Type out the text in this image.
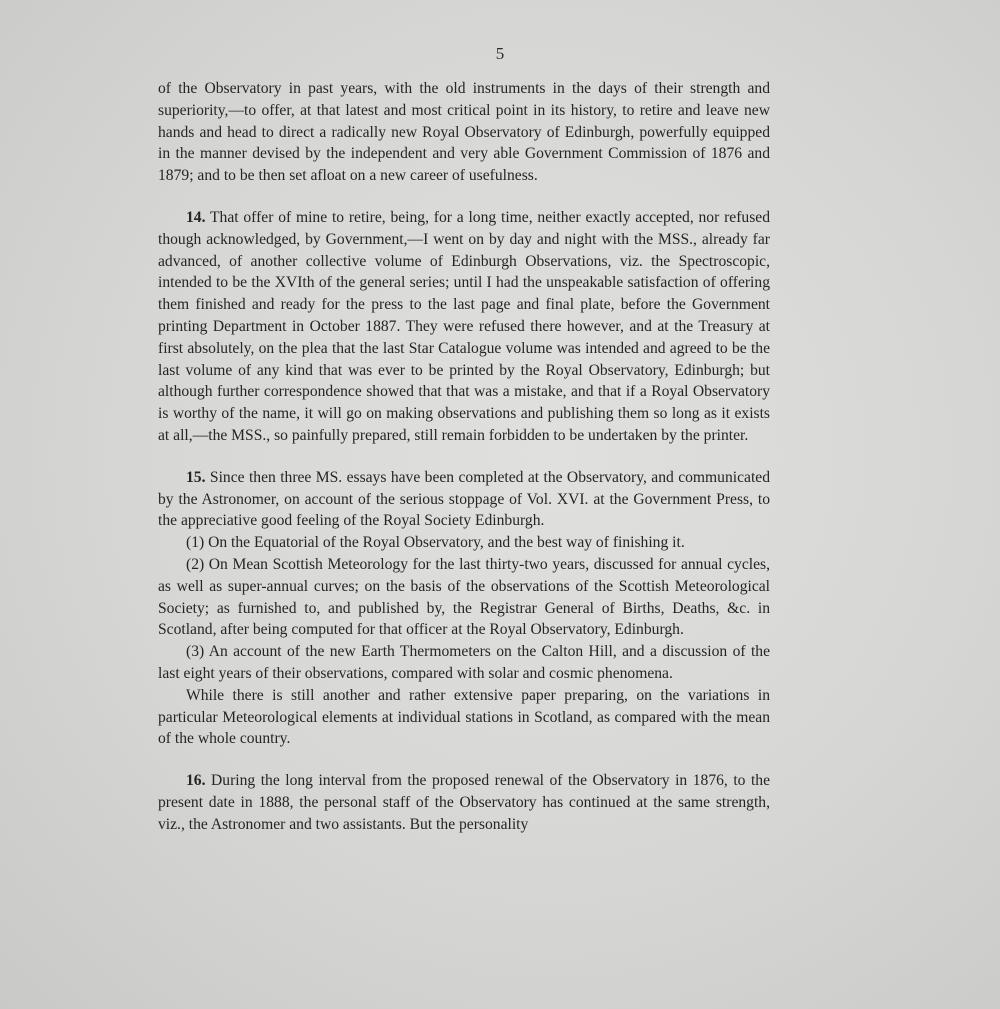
5

of the Observatory in past years, with the old instruments in the days of their strength and superiority,—to offer, at that latest and most critical point in its history, to retire and leave new hands and head to direct a radically new Royal Observatory of Edinburgh, powerfully equipped in the manner devised by the independent and very able Government Commission of 1876 and 1879; and to be then set afloat on a new career of usefulness.

14. That offer of mine to retire, being, for a long time, neither exactly accepted, nor refused though acknowledged, by Government,—I went on by day and night with the MSS., already far advanced, of another collective volume of Edinburgh Observations, viz. the Spectroscopic, intended to be the XVIth of the general series; until I had the unspeakable satisfaction of offering them finished and ready for the press to the last page and final plate, before the Government printing Department in October 1887. They were refused there however, and at the Treasury at first absolutely, on the plea that the last Star Catalogue volume was intended and agreed to be the last volume of any kind that was ever to be printed by the Royal Observatory, Edinburgh; but although further correspondence showed that that was a mistake, and that if a Royal Observatory is worthy of the name, it will go on making observations and publishing them so long as it exists at all,—the MSS., so painfully prepared, still remain forbidden to be undertaken by the printer.

15. Since then three MS. essays have been completed at the Observatory, and communicated by the Astronomer, on account of the serious stoppage of Vol. XVI. at the Government Press, to the appreciative good feeling of the Royal Society Edinburgh.

(1) On the Equatorial of the Royal Observatory, and the best way of finishing it.

(2) On Mean Scottish Meteorology for the last thirty-two years, discussed for annual cycles, as well as super-annual curves; on the basis of the observations of the Scottish Meteorological Society; as furnished to, and published by, the Registrar General of Births, Deaths, &c. in Scotland, after being computed for that officer at the Royal Observatory, Edinburgh.

(3) An account of the new Earth Thermometers on the Calton Hill, and a discussion of the last eight years of their observations, compared with solar and cosmic phenomena.

While there is still another and rather extensive paper preparing, on the variations in particular Meteorological elements at individual stations in Scotland, as compared with the mean of the whole country.

16. During the long interval from the proposed renewal of the Observatory in 1876, to the present date in 1888, the personal staff of the Observatory has continued at the same strength, viz., the Astronomer and two assistants. But the personality
